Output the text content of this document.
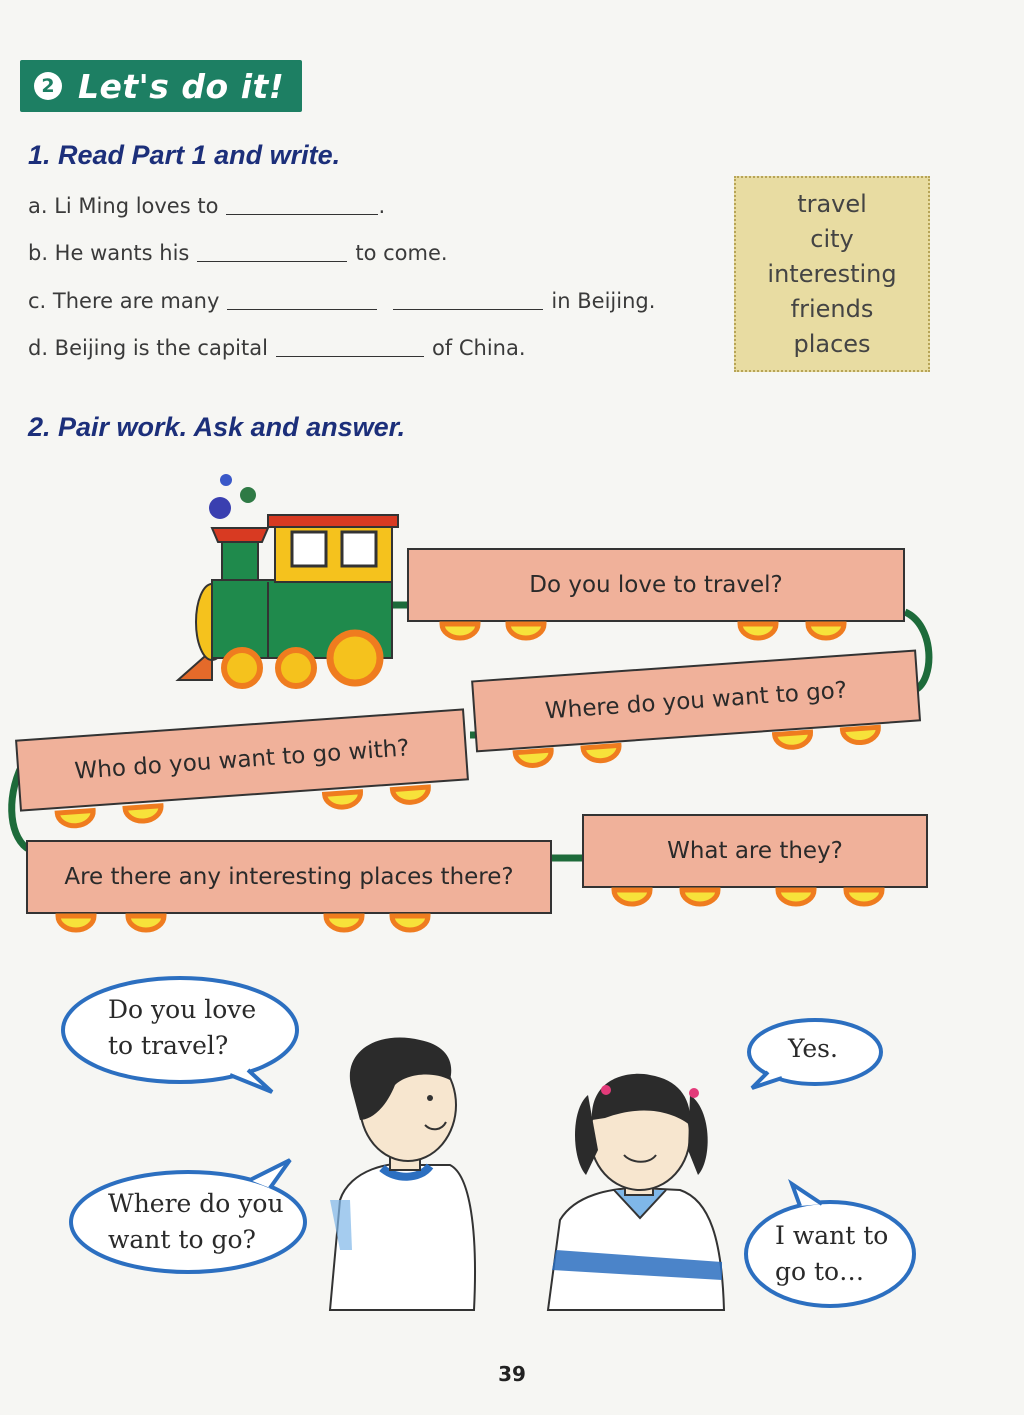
2 Let's do it!
1. Read Part 1 and write.
a. Li Ming loves to	.
b. He wants his	to come.
c. There are many	in Beijing.
d. Beijing is the capital	of China.
travel
city
interesting
friends
places
2. Pair work. Ask and answer.
Do you love to travel?
Where do you want to go?
Who do you want to go with?
What are they?
Are there any interesting places there?
Do you love
to travel?
Where do you
want to go?
Yes.
I want to
go to…
39
